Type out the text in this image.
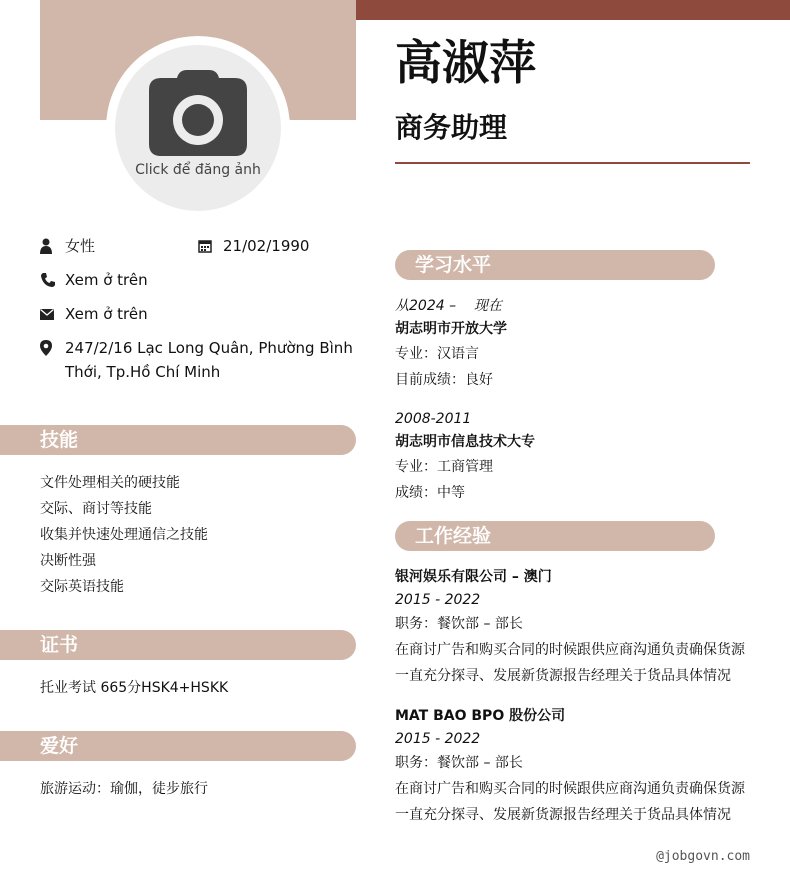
Click để đăng ảnh
高淑萍
商务助理
女性	21/02/1990
Xem ở trên
Xem ở trên
247/2/16 Lạc Long Quân, Phường Bình Thới, Tp.Hồ Chí Minh
技能
文件处理相关的硬技能
交际、商讨等技能
收集并快速处理通信之技能
决断性强
交际英语技能
证书
托业考试 665分HSK4+HSKK
爱好
旅游运动：瑜伽，徒步旅行
学习水平
从2024 –    现在
胡志明市开放大学
专业：汉语言
目前成绩：良好
2008-2011
胡志明市信息技术大专
专业：工商管理
成绩：中等
工作经验
银河娱乐有限公司 – 澳门
2015 - 2022
职务：餐饮部 – 部长
在商讨广告和购买合同的时候跟供应商沟通负责确保货源
一直充分探寻、发展新货源报告经理关于货品具体情况
MAT BAO BPO 股份公司
2015 - 2022
职务：餐饮部 – 部长
在商讨广告和购买合同的时候跟供应商沟通负责确保货源
一直充分探寻、发展新货源报告经理关于货品具体情况
@jobgovn.com
